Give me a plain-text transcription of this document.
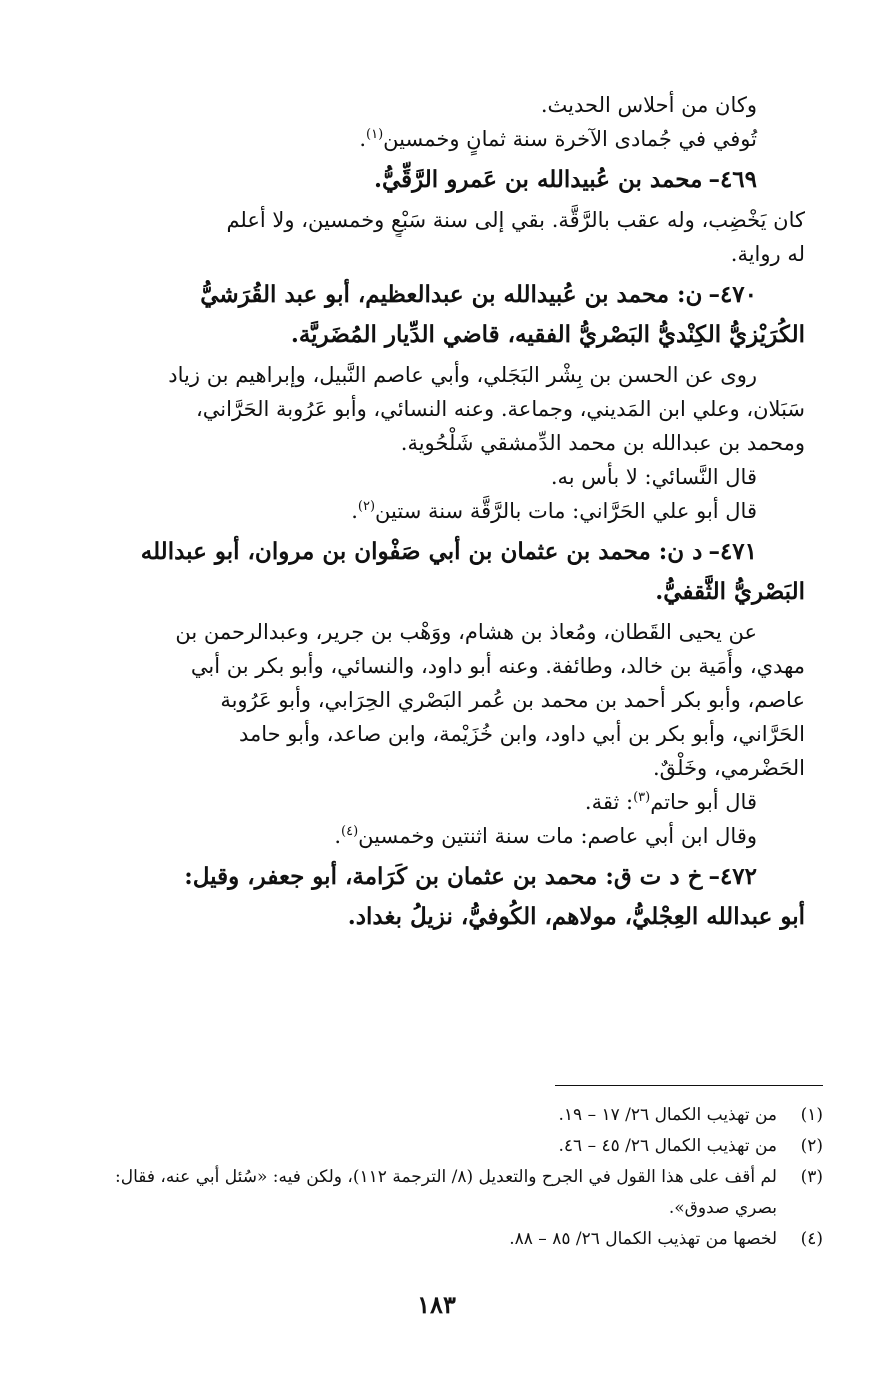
وكان من أحلاس الحديث.
تُوفي في جُمادى الآخرة سنة ثمانٍ وخمسين$^{(١)}$.
٤٦٩–محمد بن عُبيدالله بن عَمرو الرَّقِّيُّ.
كان يَخْضِب، وله عقب بالرَّقَّة. بقي إلى سنة سَبْعٍ وخمسين، ولا أعلم
له رواية.
٤٧٠–ن: محمد بن عُبيدالله بن عبدالعظيم، أبو عبد القُرَشيُّ
الكُرَيْزيُّ الكِنْديُّ البَصْريُّ الفقيه، قاضي الدِّيار المُضَريَّة.
روى عن الحسن بن بِشْر البَجَلي، وأبي عاصم النَّبيل، وإبراهيم بن زياد
سَبَلان، وعلي ابن المَديني، وجماعة. وعنه النسائي، وأبو عَرُوبة الحَرَّاني،
ومحمد بن عبدالله بن محمد الدِّمشقي شَلْحُوية.
قال النَّسائي: لا بأس به.
قال أبو علي الحَرَّاني: مات بالرَّقَّة سنة ستين$^{(٢)}$.
٤٧١–د ن: محمد بن عثمان بن أبي صَفْوان بن مروان، أبو عبدالله
البَصْريُّ الثَّقفيُّ.
عن يحيى القَطان، ومُعاذ بن هشام، ووَهْب بن جرير، وعبدالرحمن بن
مهدي، وأُمَية بن خالد، وطائفة. وعنه أبو داود، والنسائي، وأبو بكر بن أبي
عاصم، وأبو بكر أحمد بن محمد بن عُمر البَصْري الحِرَابي، وأبو عَرُوبة
الحَرَّاني، وأبو بكر بن أبي داود، وابن خُزَيْمة، وابن صاعد، وأبو حامد
الحَضْرمي، وخَلْقٌ.
قال أبو حاتم$^{(٣)}$: ثقة.
وقال ابن أبي عاصم: مات سنة اثنتين وخمسين$^{(٤)}$.
٤٧٢–خ د ت ق: محمد بن عثمان بن كَرَامة، أبو جعفر، وقيل:
أبو عبدالله العِجْليُّ، مولاهم، الكُوفيُّ، نزيلُ بغداد.
(١)
من تهذيب الكمال ٢٦/ ١٧ – ١٩.
(٢)
من تهذيب الكمال ٢٦/ ٤٥ – ٤٦.
(٣)
لم أقف على هذا القول في الجرح والتعديل (٨/ الترجمة ١١٢)، ولكن فيه: «سُئل أبي عنه، فقال: بصري صدوق».
(٤)
لخصها من تهذيب الكمال ٢٦/ ٨٥ – ٨٨.
١٨٣
